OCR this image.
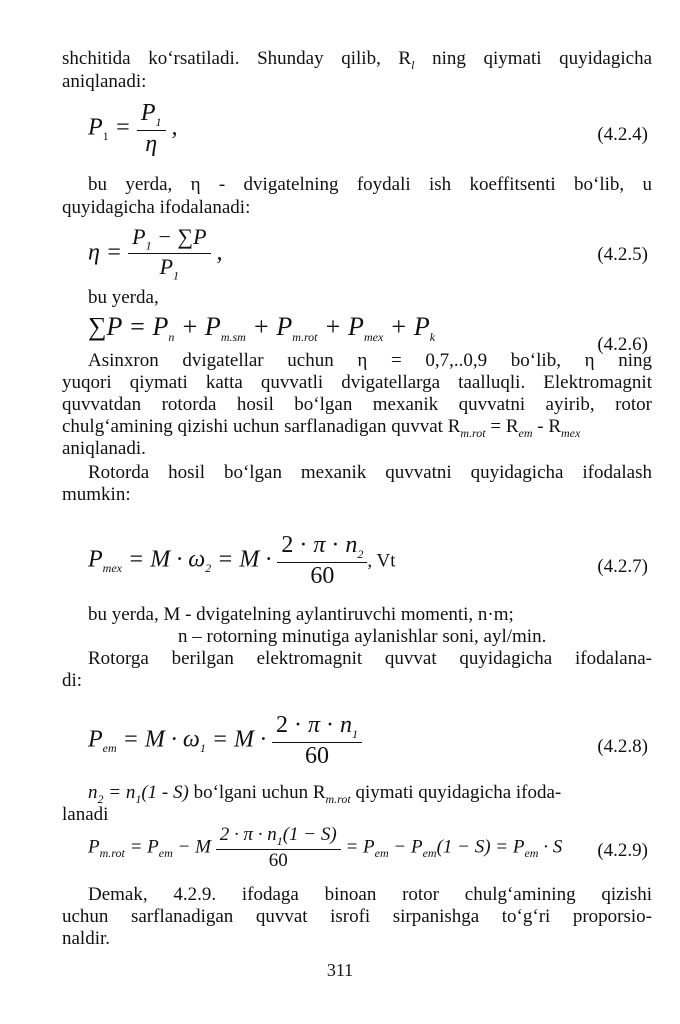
shchitida ko‘rsatiladi. Shunday qilib, $R_l$ ning qiymati quyidagicha
aniqlanadi:
$P_1 = \frac{P_1}{\eta}$ ,	(4.2.4)
bu yerda, η - dvigatelning foydali ish koeffitsenti bo‘lib, u
quyidagicha ifodalanadi:
$\eta = \frac{P_1 - \sum P}{P_1}$ ,	(4.2.5)
bu yerda,
$\sum P = P_n + P_{m.sm} + P_{m.rot} + P_{mex} + P_k$	(4.2.6)
Asinxron dvigatellar uchun η = 0,7,..0,9 bo‘lib, η ning
yuqori qiymati katta quvvatli dvigatellarga taalluqli. Elektromagnit
quvvatdan rotorda hosil bo‘lgan mexanik quvvatni ayirib, rotor
chulg‘amining qizishi uchun sarflanadigan quvvat $R_{m.rot} = R_{em} - R_{mex}$
aniqlanadi.
Rotorda hosil bo‘lgan mexanik quvvatni quyidagicha ifodalash
mumkin:
$P_{mex} = M \cdot \omega_2 = M \cdot \frac{2 \cdot \pi \cdot n_2}{60}$ , Vt	(4.2.7)
bu yerda, M - dvigatelning aylantiruvchi momenti, n·m;
n – rotorning minutiga aylanishlar soni, ayl/min.
Rotorga berilgan elektromagnit quvvat quyidagicha ifodalana-
di:
$P_{em} = M \cdot \omega_1 = M \cdot \frac{2 \cdot \pi \cdot n_1}{60}$	(4.2.8)
$n_2 = n_1(1 - S)$ bo‘lgani uchun $R_{m.rot}$ qiymati quyidagicha ifoda-
lanadi
$P_{m.rot} = P_{em} - M \frac{2 \cdot \pi \cdot n_1(1 - S)}{60} = P_{em} - P_{em}(1 - S) = P_{em} \cdot S$ (4.2.9)
Demak, 4.2.9. ifodaga binoan rotor chulg‘amining qizishi
uchun sarflanadigan quvvat isrofi sirpanishga to‘g‘ri proporsio-
naldir.
311
